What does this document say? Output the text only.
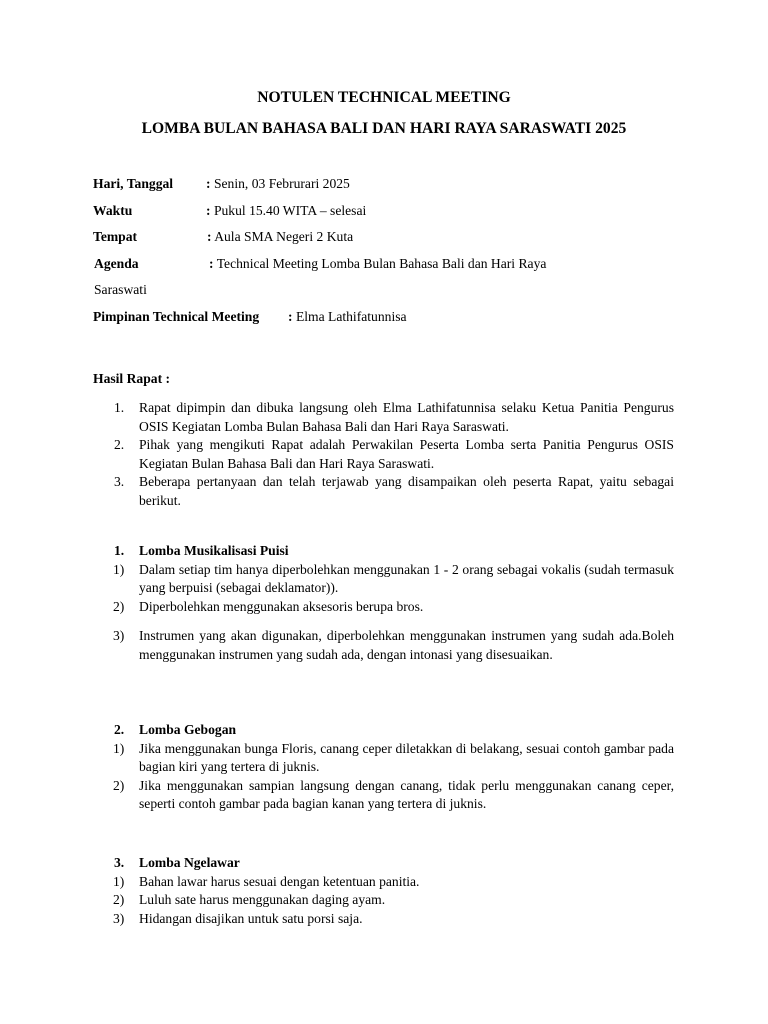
NOTULEN TECHNICAL MEETING
LOMBA BULAN BAHASA BALI DAN HARI RAYA SARASWATI 2025
Hari, Tanggal : Senin, 03 Februrari 2025
Waktu	: Pukul 15.40 WITA – selesai
Tempat	: Aula SMA Negeri 2 Kuta
Agenda	: Technical Meeting Lomba Bulan Bahasa Bali dan Hari Raya
Saraswati
Pimpinan Technical Meeting : Elma Lathifatunnisa
Hasil Rapat :
1. Rapat dipimpin dan dibuka langsung oleh Elma Lathifatunnisa selaku Ketua Panitia Pengurus OSIS Kegiatan Lomba Bulan Bahasa Bali dan Hari Raya Saraswati.
2. Pihak yang mengikuti Rapat adalah Perwakilan Peserta Lomba serta Panitia Pengurus OSIS Kegiatan Bulan Bahasa Bali dan Hari Raya Saraswati.
3. Beberapa pertanyaan dan telah terjawab yang disampaikan oleh peserta Rapat, yaitu sebagai berikut.
1. Lomba Musikalisasi Puisi
1) Dalam setiap tim hanya diperbolehkan menggunakan 1 - 2 orang sebagai vokalis (sudah termasuk yang berpuisi (sebagai deklamator)).
2) Diperbolehkan menggunakan aksesoris berupa bros.
3) Instrumen yang akan digunakan, diperbolehkan menggunakan instrumen yang sudah ada.Boleh menggunakan instrumen yang sudah ada, dengan intonasi yang disesuaikan.
2. Lomba Gebogan
1) Jika menggunakan bunga Floris, canang ceper diletakkan di belakang, sesuai contoh gambar pada bagian kiri yang tertera di juknis.
2) Jika menggunakan sampian langsung dengan canang, tidak perlu menggunakan canang ceper, seperti contoh gambar pada bagian kanan yang tertera di juknis.
3. Lomba Ngelawar
1) Bahan lawar harus sesuai dengan ketentuan panitia.
2) Luluh sate harus menggunakan daging ayam.
3) Hidangan disajikan untuk satu porsi saja.
